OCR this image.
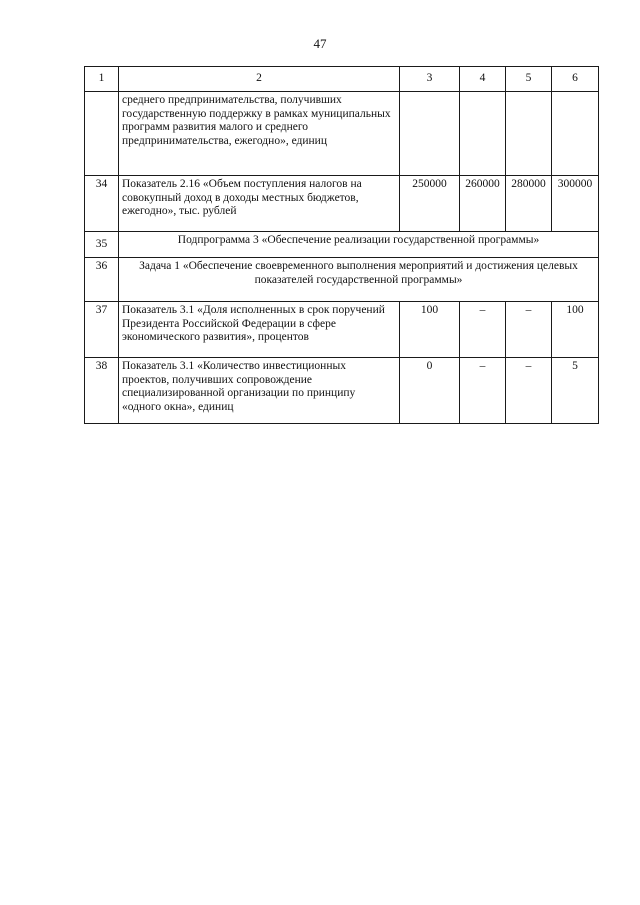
47
1	2	3	4	5	6

	среднего предпринимательства, получивших государственную поддержку в рамках муниципальных программ развития малого и среднего предпринимательства, ежегодно», единиц				

34	Показатель 2.16 «Объем поступления налогов на совокупный доход в доходы местных бюджетов, ежегодно», тыс. рублей	250000	260000	280000	300000
35	Подпрограмма 3 «Обеспечение реализации государственной программы»				
36	Задача 1 «Обеспечение своевременного выполнения мероприятий и достижения целевых показателей государственной программы»				
37	Показатель 3.1 «Доля исполненных в срок поручений Президента Российской Федерации в сфере экономического развития», процентов	100	–	–	100
38	Показатель 3.1 «Количество инвестиционных проектов, получивших сопровождение специализированной организации по принципу «одного окна», единиц	0	–	–	5
